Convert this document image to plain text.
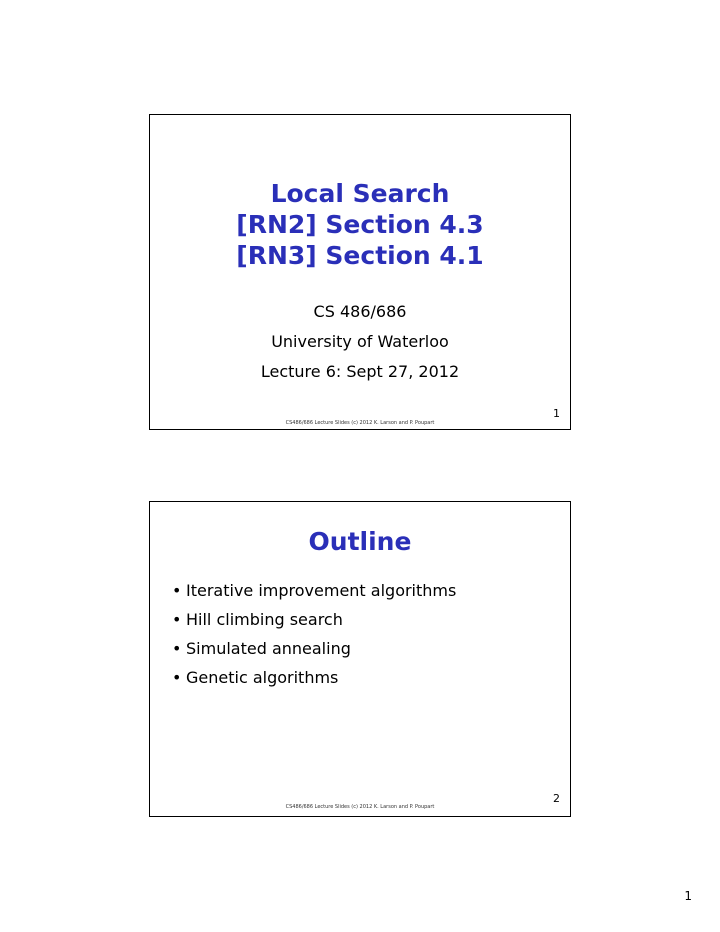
Local Search
[RN2] Section 4.3
[RN3] Section 4.1
CS 486/686
University of Waterloo
Lecture 6: Sept 27, 2012
1
CS486/686 Lecture Slides (c) 2012 K. Larson and P. Poupart
Outline
• Iterative improvement algorithms
• Hill climbing search
• Simulated annealing
• Genetic algorithms
2
CS486/686 Lecture Slides (c) 2012 K. Larson and P. Poupart
1
